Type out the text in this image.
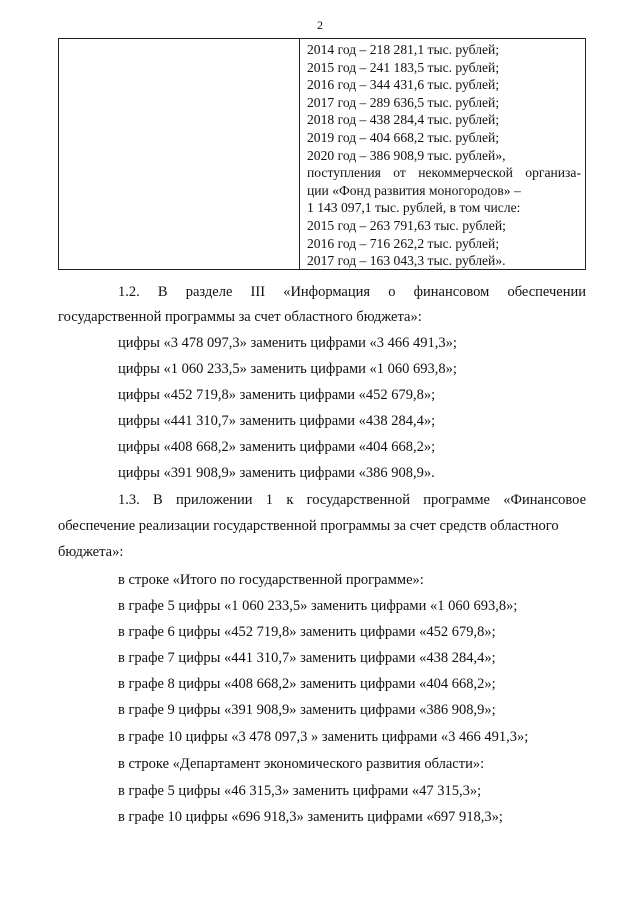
2
2014 год – 218 281,1 тыс. рублей;
2015 год – 241 183,5 тыс. рублей;
2016 год – 344 431,6 тыс. рублей;
2017 год – 289 636,5 тыс. рублей;
2018 год – 438 284,4 тыс. рублей;
2019 год – 404 668,2 тыс. рублей;
2020 год – 386 908,9 тыс. рублей»,
поступления от некоммерческой организа-
ции «Фонд развития моногородов» –
1 143 097,1 тыс. рублей, в том числе:
2015 год – 263 791,63 тыс. рублей;
2016 год – 716 262,2 тыс. рублей;
2017 год – 163 043,3 тыс. рублей».
1.2. В разделе III «Информация о финансовом обеспечении
государственной программы за счет областного бюджета»:
цифры «3 478 097,3» заменить цифрами «3 466 491,3»;
цифры «1 060 233,5» заменить цифрами «1 060 693,8»;
цифры «452 719,8» заменить цифрами «452 679,8»;
цифры «441 310,7» заменить цифрами «438 284,4»;
цифры «408 668,2» заменить цифрами «404 668,2»;
цифры «391 908,9» заменить цифрами «386 908,9».
1.3. В приложении 1 к государственной программе «Финансовое
обеспечение реализации государственной программы за счет средств областного
бюджета»:
в строке «Итого по государственной программе»:
в графе 5 цифры «1 060 233,5» заменить цифрами «1 060 693,8»;
в графе 6 цифры «452 719,8» заменить цифрами «452 679,8»;
в графе 7 цифры «441 310,7» заменить цифрами «438 284,4»;
в графе 8 цифры «408 668,2» заменить цифрами «404 668,2»;
в графе 9 цифры «391 908,9» заменить цифрами «386 908,9»;
в графе 10 цифры «3 478 097,3 » заменить цифрами «3 466 491,3»;
в строке «Департамент экономического развития области»:
в графе 5 цифры «46 315,3» заменить цифрами «47 315,3»;
в графе 10 цифры «696 918,3» заменить цифрами «697 918,3»;
